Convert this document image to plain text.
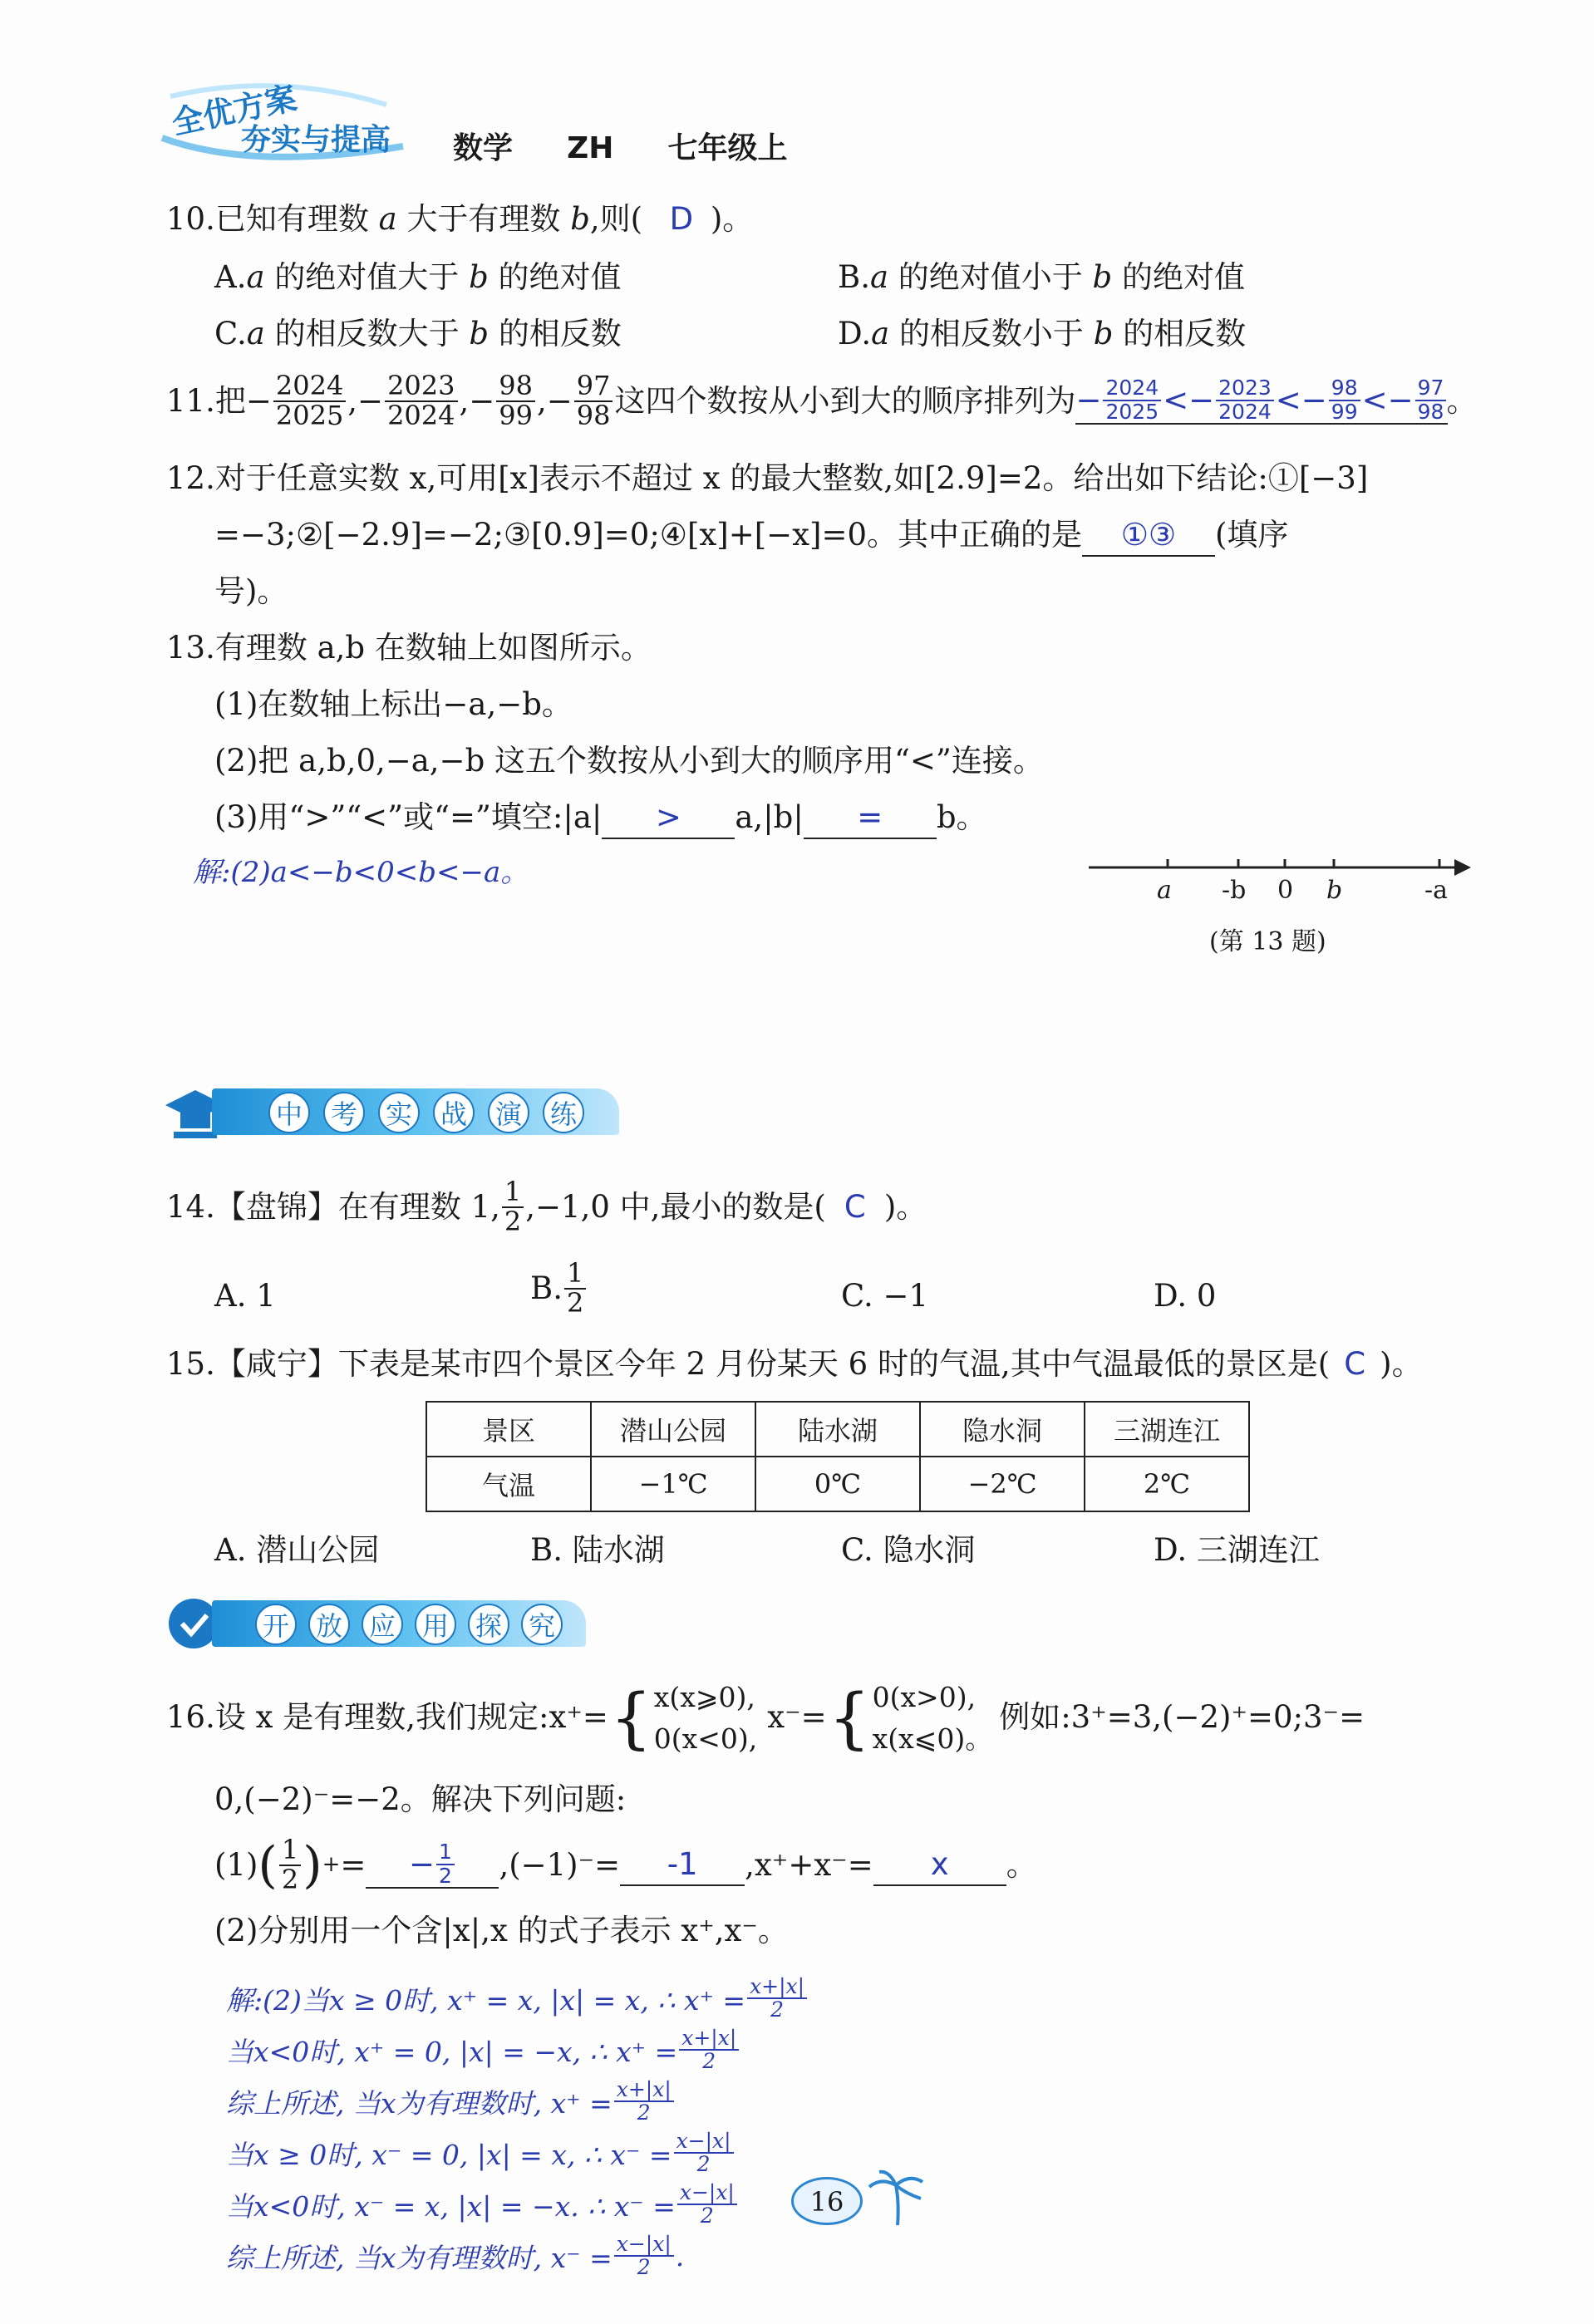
全优方案
夯实与提高 数学 ZH 七年级上
10.已知有理数 a 大于有理数 b,则( D )。
A.a 的绝对值大于 b 的绝对值	B.a 的绝对值小于 b 的绝对值
C.a 的相反数大于 b 的相反数	D.a 的相反数小于 b 的相反数
11.把 − $\frac{2024}{2025}$ ,− $\frac{2023}{2024}$ ,− $\frac{98}{99}$ ,− $\frac{97}{98}$ 这四个数按从小到大的顺序排列为 − $\frac{2024}{2025}$ < − $\frac{2023}{2024}$ < − $\frac{98}{99}$ < − $\frac{97}{98}$ 。
12.对于任意实数 x,可用[x]表示不超过 x 的最大整数,如[2.9]=2。给出如下结论:①[−3]
=−3;②[−2.9]=−2;③[0.9]=0;④[x]+[−x]=0。其中正确的是 ①③ (填序
号)。
13.有理数 a,b 在数轴上如图所示。
(1)在数轴上标出−a,−b。
(2)把 a,b,0,−a,−b 这五个数按从小到大的顺序用“<”连接。
(3)用“>”“<”或“=”填空:|a| > a,|b| = b。
解:(2)a<−b<0<b<−a。
a -b 0 b	-a
(第 13 题)
中 考 实 战 演 练
14.【盘锦】在有理数 1, $\frac{1}{2} ,-1,0$ 中,最小的数是( C )。
A. 1	B. $\frac{1}{2}$	C. −1	D. 0
15.【咸宁】下表是某市四个景区今年 2 月份某天 6 时的气温,其中气温最低的景区是( C )。
景区	潜山公园	陆水湖	隐水洞	三湖连江
气温	−1℃	0℃	−2℃	2℃
A. 潜山公园	B. 陆水湖	C. 隐水洞	D. 三湖连江
开 放 应 用 探 究
16.设 x 是有理数,我们规定:x⁺= { x(x⩾0),
0(x<0),
x⁻= { 0(x>0),
x(x⩽0)。
例如:3⁺=3,(−2)⁺=0;3⁻=
0,(−2)⁻=−2。解决下列问题:
(1) ( $\frac{1}{2}$ ) + = − $\frac{1}{2} ,(-1)^-=$	-1	,x⁺+x⁻=	x	。
(2)分别用一个含|x|,x 的式子表示 x⁺,x⁻。
解:(2)当x ≥ 0时, x⁺ = x, |x| = x, ∴ $x^+ = \frac{x+|x|}{2}$
当x<0时, x⁺ = 0, |x| = −x, ∴ $x^+ = \frac{x+|x|}{2}$
综上所述, 当x为有理数时, $x^+ = \frac{x+|x|}{2}$
当x ≥ 0时, x⁻ = 0, |x| = x, ∴ $x^- = \frac{x-|x|}{2}$
当x<0时, x⁻ = x, |x| = −x. ∴ $x^- = \frac{x-|x|}{2}$
综上所述, 当x为有理数时, $x^- = \frac{x-|x|}{2}$ .
16
